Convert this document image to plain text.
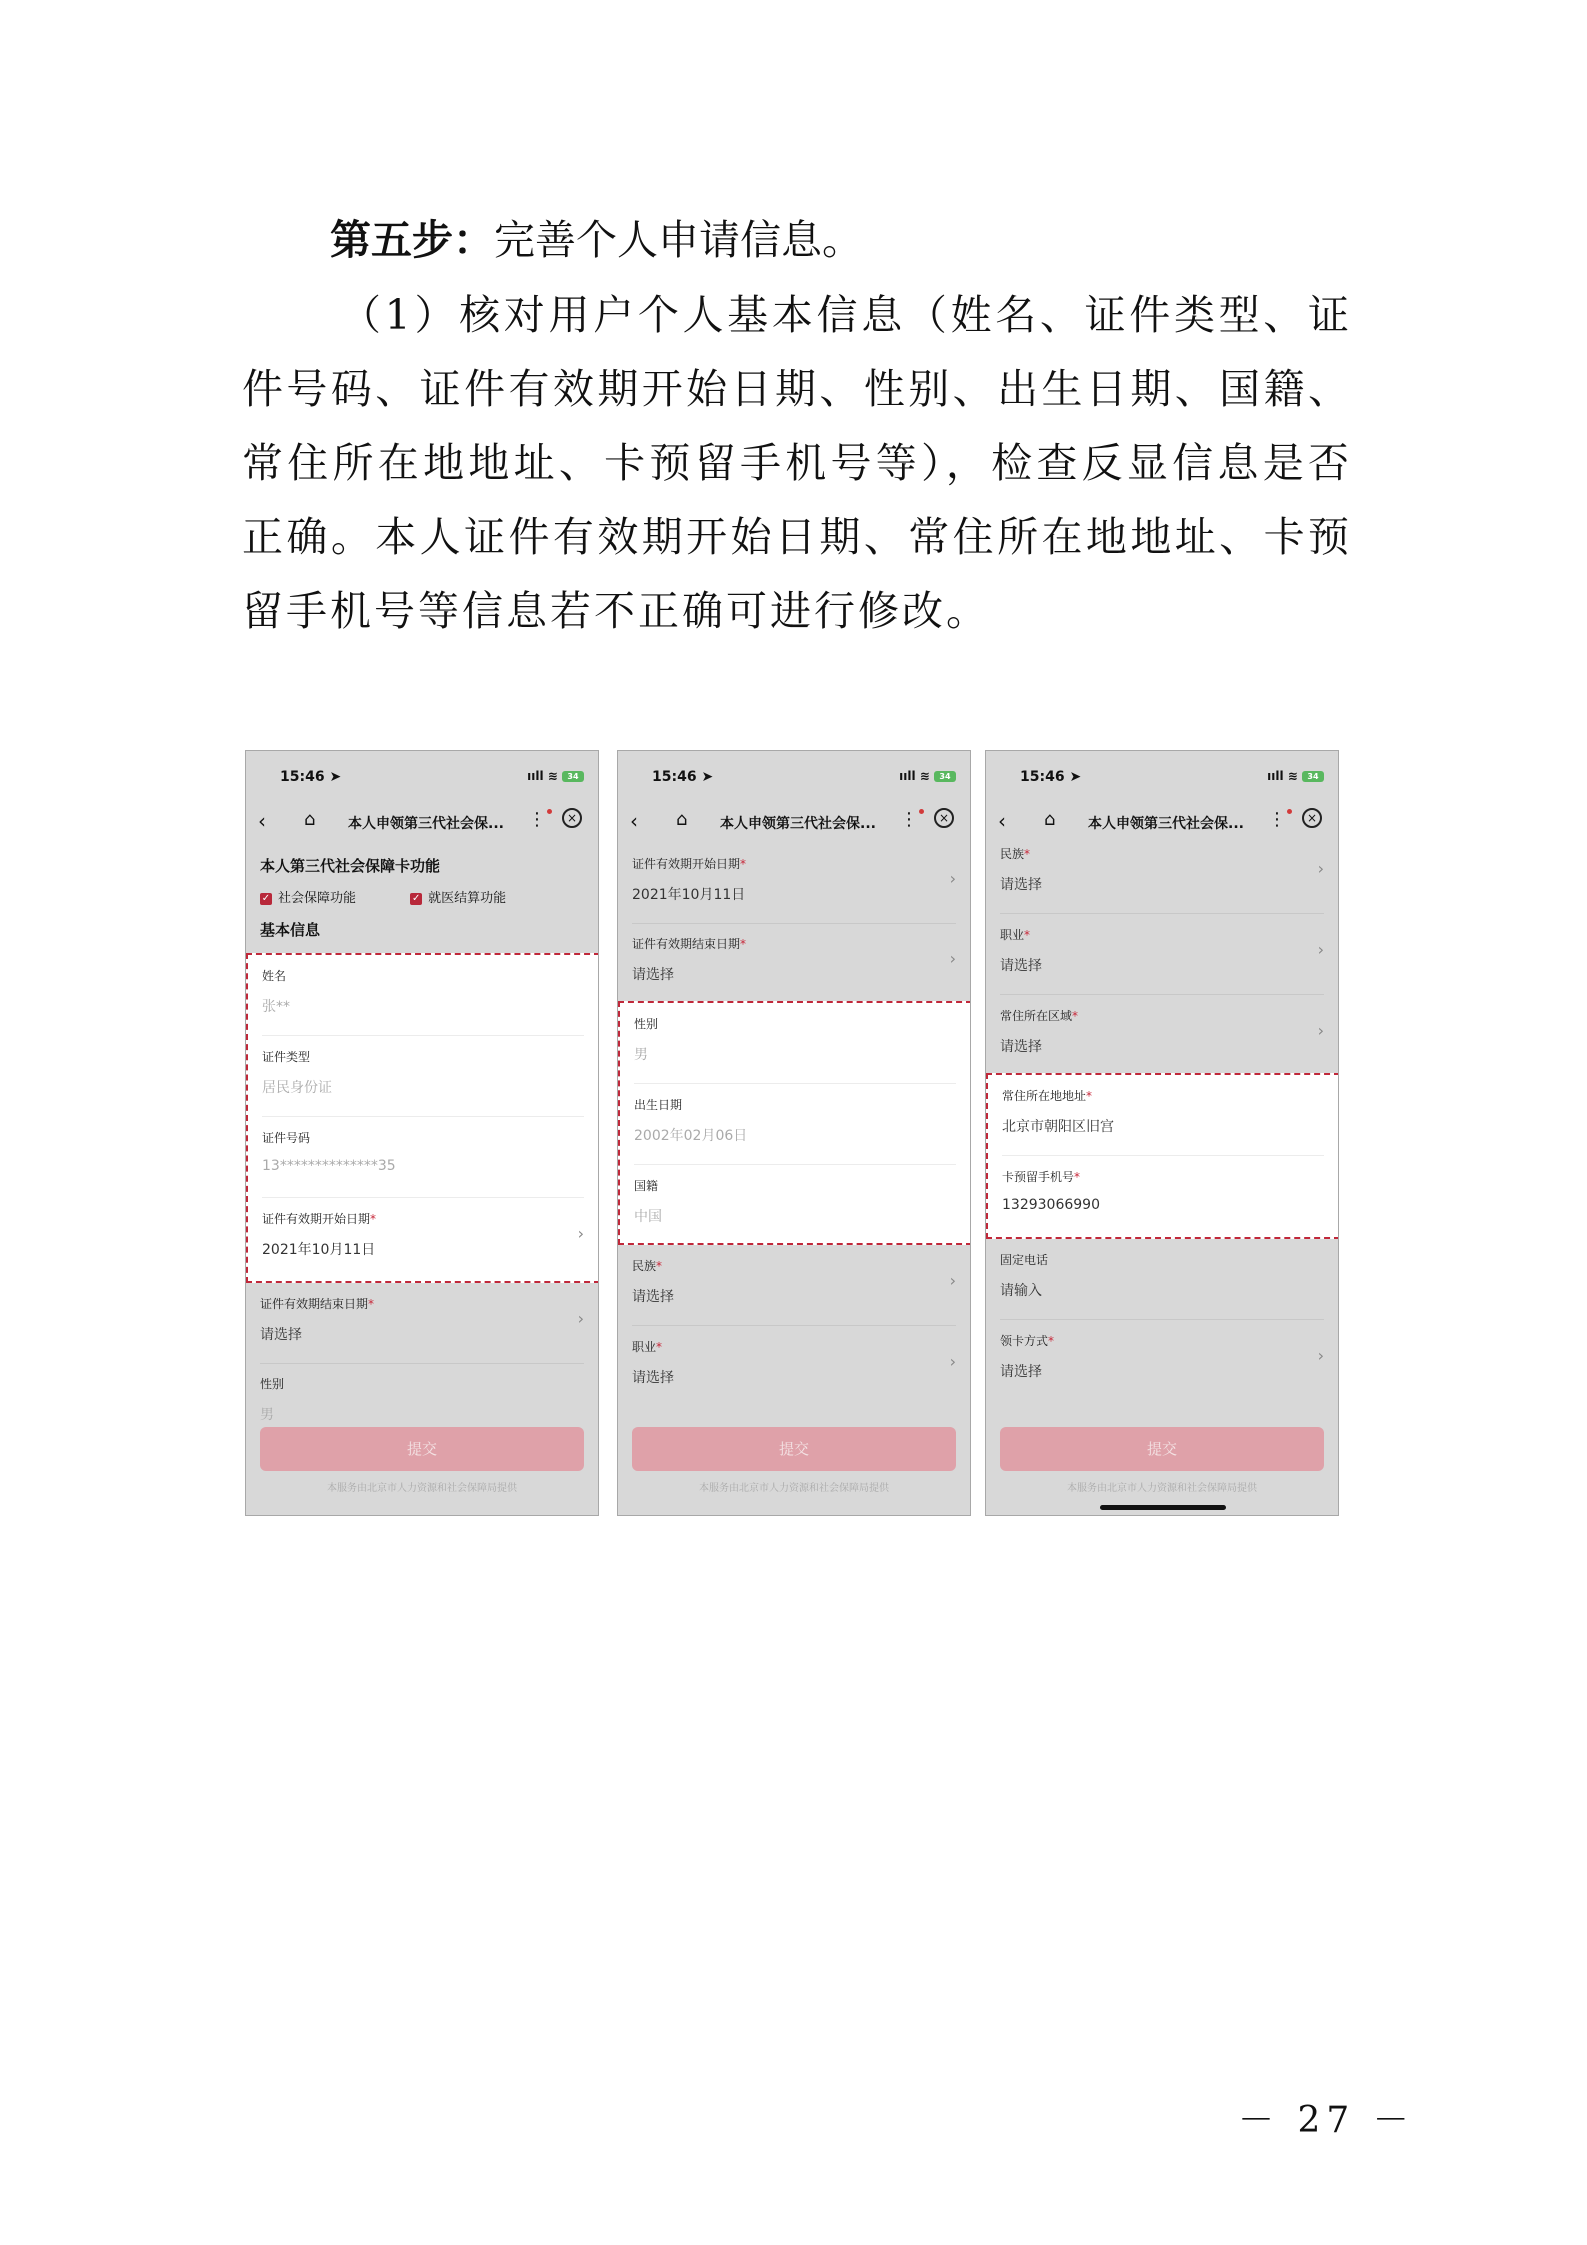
第五步：完善个人申请信息。

（1）核对用户个人基本信息（姓名、证件类型、证件号码、证件有效期开始日期、性别、出生日期、国籍、常住所在地地址、卡预留手机号等），检查反显信息是否正确。本人证件有效期开始日期、常住所在地地址、卡预留手机号等信息若不正确可进行修改。

15:46 ➤	ııll ≋ 34
‹ ⌂ 本人申领第三代社会保... ⋮	×
本人第三代社会保障卡功能
✓ 社会保障功能	✓ 就医结算功能
基本信息
姓名
张**
证件类型
居民身份证
证件号码
13**************35
证件有效期开始日期*
2021年10月11日
›
证件有效期结束日期*
请选择
›
性别
男
提交
本服务由北京市人力资源和社会保障局提供
15:46 ➤	ııll ≋ 34
‹ ⌂ 本人申领第三代社会保... ⋮	×
证件有效期开始日期*
2021年10月11日
›
证件有效期结束日期*
请选择
›
性别
男
出生日期
2002年02月06日
国籍
中国
民族*
请选择
›
职业*
请选择
›
提交
本服务由北京市人力资源和社会保障局提供
15:46 ➤	ııll ≋ 34
‹ ⌂ 本人申领第三代社会保... ⋮	×
民族*
请选择
›
职业*
请选择
›
常住所在区域*
请选择
›
常住所在地地址*
北京市朝阳区旧宫
卡预留手机号*
13293066990
固定电话
请输入
领卡方式*
请选择
›
提交
本服务由北京市人力资源和社会保障局提供
－ 27 －
